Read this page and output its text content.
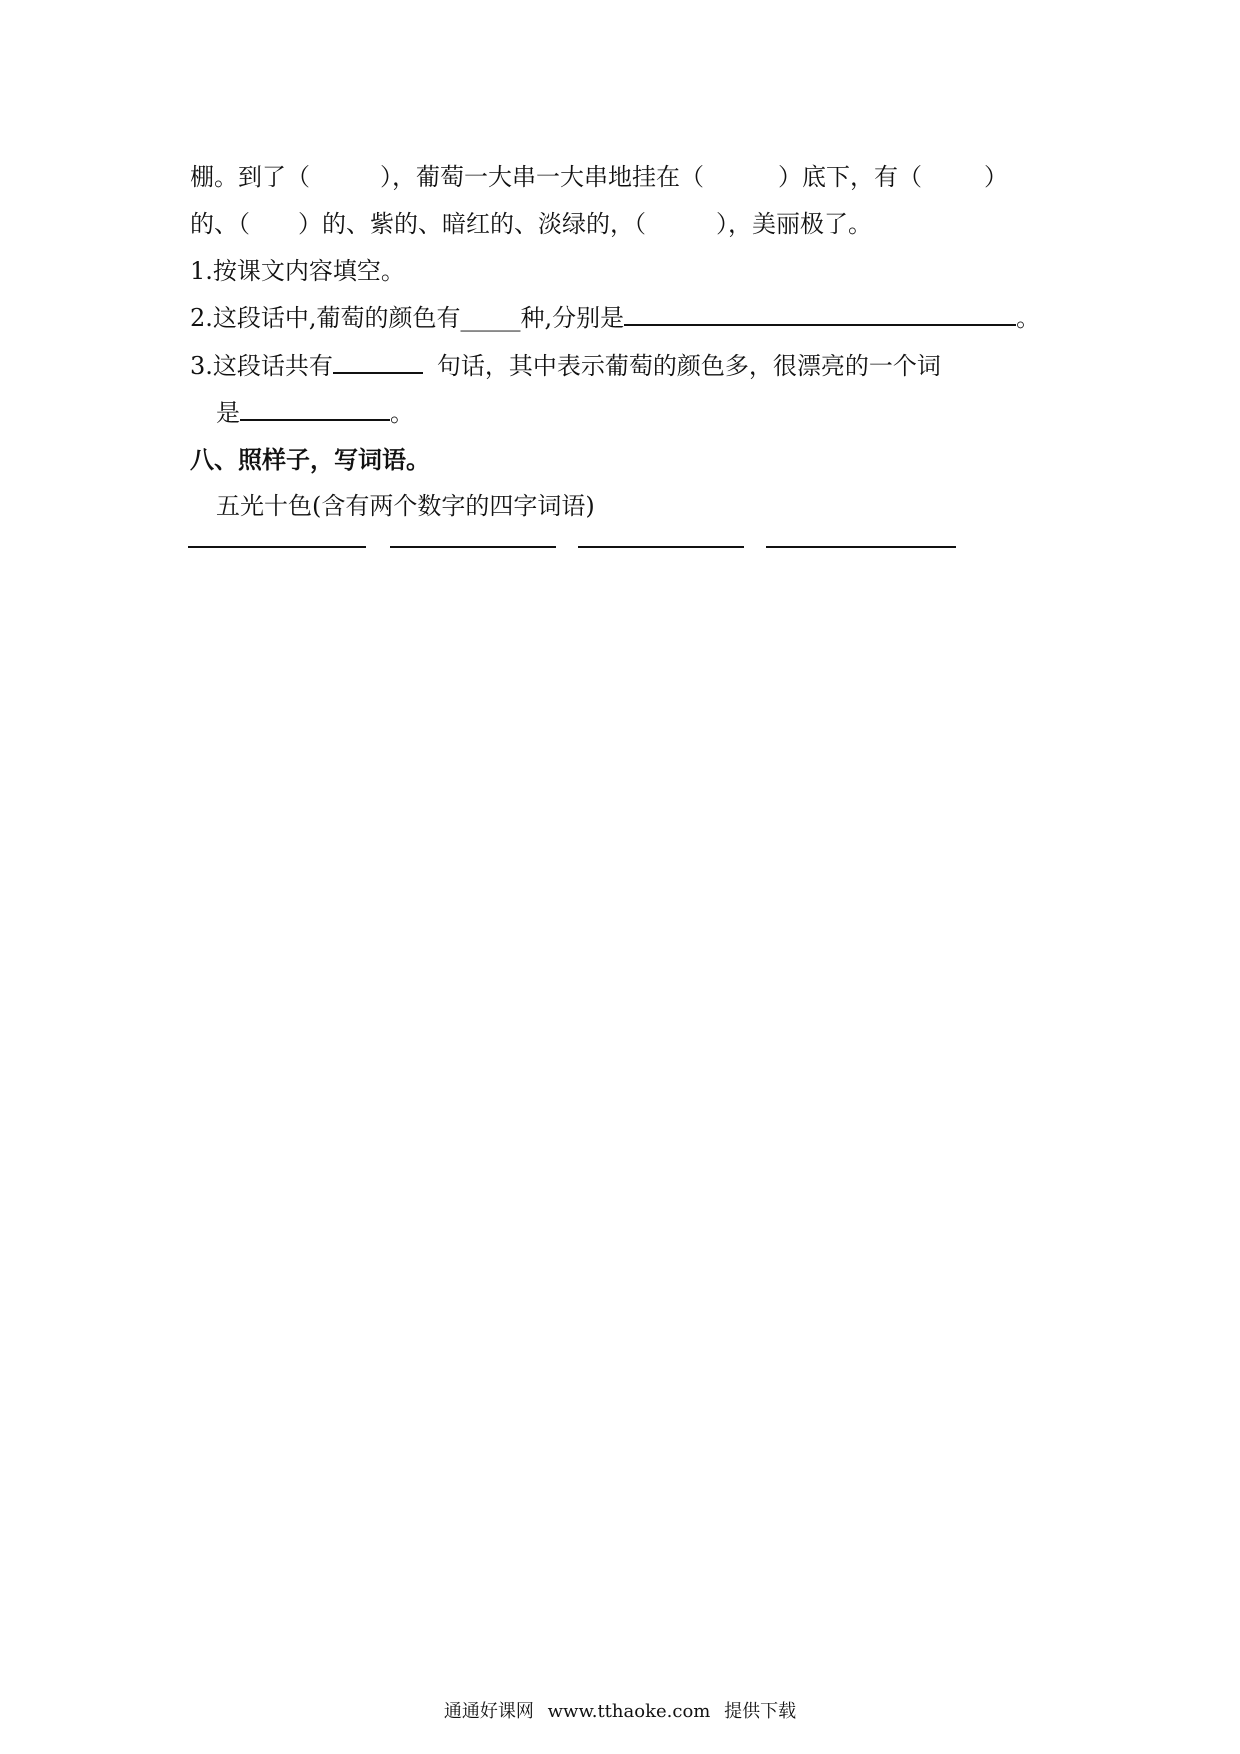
棚。到了（	），葡萄一大串一大串地挂在（	）底下，有（	）
的、（ ）的、紫的、暗红的、淡绿的，（	），美丽极了。
1.按课文内容填空。
2.这段话中,葡萄的颜色有_____种,分别是	。
3.这段话共有	句话，其中表示葡萄的颜色多，很漂亮的一个词
是	。
八、照样子，写词语。
五光十色(含有两个数字的四字词语)
通通好课网 www.tthaoke.com 提供下载
